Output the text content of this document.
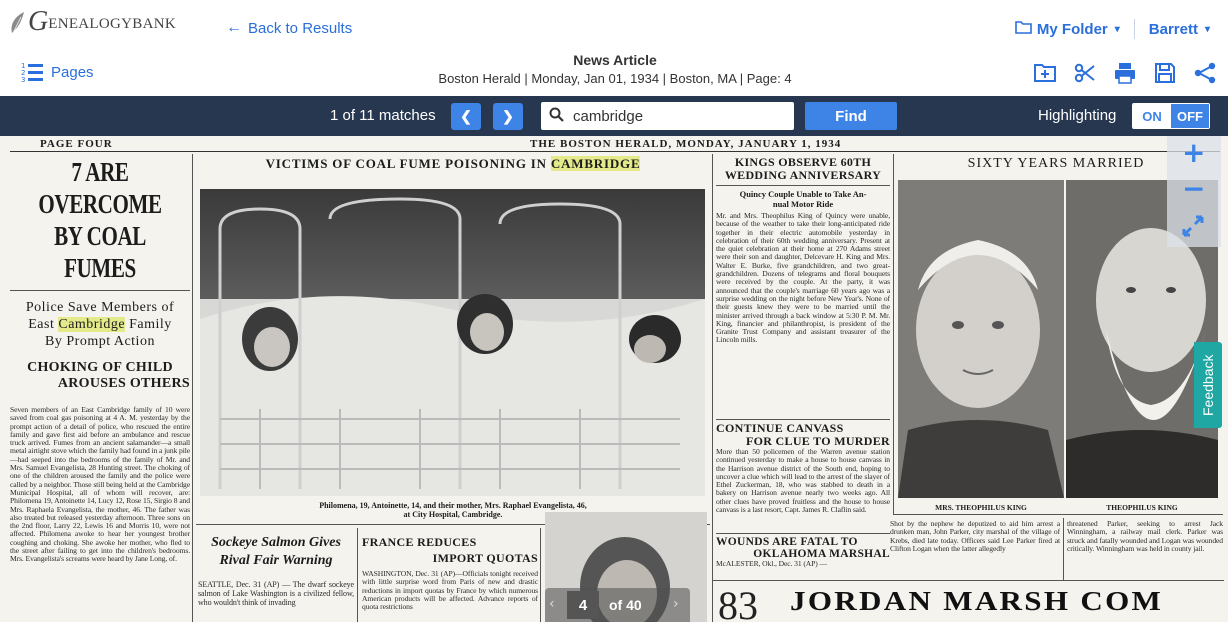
G ENEALOGYBANK	← Back to Results	My Folder ▾ Barrett ▾
1
2
3 Pages
News Article
Boston Herald | Monday, Jan 01, 1934 | Boston, MA | Page: 4
1 of 11 matches ❮ ❯
cambridge	Find	Highlighting	ON	OFF
PAGE FOUR	THE BOSTON HERALD, MONDAY, JANUARY 1, 1934
7 ARE OVERCOME
BY COAL FUMES
Police Save Members of
East Cambridge Family
By Prompt Action
CHOKING OF CHILD
AROUSES OTHERS
Seven members of an East Cambridge family of 10 were saved from coal gas poisoning at 4 A. M. yesterday by the prompt action of a detail of police, who rescued the entire family and gave first aid before an ambulance and rescue truck arrived. Fumes from an ancient salamander—a small metal airtight stove which the family had found in a junk pile—had seeped into the bedrooms of the family of Mr. and Mrs. Samuel Evangelista, 28 Hunting street. The choking of one of the children aroused the family and the police were called by a neighbor. Those still being held at the Cambridge Municipal Hospital, all of whom will recover, are: Philomena 19, Antoinette 14, Lucy 12, Rose 15, Sirgio 8 and Mrs. Raphaela Evangelista, the mother, 46. The father was also treated but released yesterday afternoon. Three sons on the 2nd floor, Larry 22, Lewis 16 and Morris 10, were not affected. Philomena awoke to hear her youngest brother coughing and choking. She awoke her mother, who fled to the street after failing to get into the children's bedrooms. Mrs. Evangelista's screams were heard by Jane Long, of.
VICTIMS OF COAL FUME POISONING IN CAMBRIDGE
Philomena, 19, Antoinette, 14, and their mother, Mrs. Raphael Evangelista, 46,
at City Hospital, Cambridge.
Sockeye Salmon Gives
Rival Fair Warning
SEATTLE, Dec. 31 (AP) — The dwarf sockeye salmon of Lake Washington is a civilized fellow, who wouldn't think of invading
FRANCE REDUCES
IMPORT QUOTAS
WASHINGTON, Dec. 31 (AP)—Officials tonight received with little surprise word from Paris of new and drastic reductions in import quotas by France by which numerous American products will be affected. Advance reports of quota restrictions
KINGS OBSERVE 60TH
WEDDING ANNIVERSARY
Quincy Couple Unable to Take An-
nual Motor Ride
Mr. and Mrs. Theophilus King of Quincy were unable, because of the weather to take their long-anticipated ride together in their electric automobile yesterday in celebration of their 60th wedding anniversary. Present at the quiet celebration at their home at 270 Adams street were their son and daughter, Delcevare H. King and Mrs. Walter E. Burke, five grandchildren, and two great-grandchildren. Dozens of telegrams and floral bouquets were received by the couple. At the party, it was announced that the couple's marriage 60 years ago was a surprise wedding on the night before New Year's. None of their guests knew they were to be married until the minister arrived through a back window at 5:30 P. M. Mr. King, financier and philanthropist, is president of the Granite Trust Company and assistant treasurer of the Lincoln mills.
CONTINUE CANVASS
FOR CLUE TO MURDER
More than 50 policemen of the Warren avenue station continued yesterday to make a house to house canvass in the Harrison avenue district of the South end, hoping to uncover a clue which will lead to the arrest of the slayer of Ethel Zuckerman, 18, who was stabbed to death in a bakery on Harrison avenue nearly two weeks ago. All other clues have proved fruitless and the house to house canvass is a last resort, Capt. James R. Claflin said.
WOUNDS ARE FATAL TO
OKLAHOMA MARSHAL
McALESTER, Okl., Dec. 31 (AP) —
SIXTY YEARS MARRIED
MRS. THEOPHILUS KING	THEOPHILUS KING
Shot by the nephew he deputized to aid him arrest a drunken man, John Parker, city marshal of the village of Krebs, died late today. Officers said Lee Parker fired at Clifton Logan when the latter allegedly
threatened Parker, seeking to arrest Jack Winningham, a railway mail clerk. Parker was struck and fatally wounded and Logan was wounded critically. Winningham was held in county jail.
83 JORDAN MARSH COM
+
−
Feedback
‹	4	of 40 ›
